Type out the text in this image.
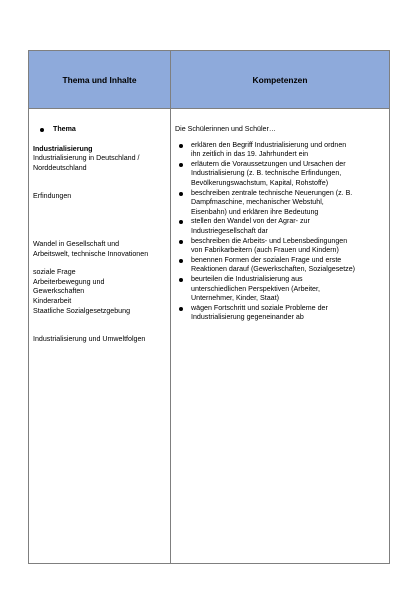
Thema und Inhalte	Kompetenzen
Thema

Industrialisierung

Industrialisierung in Deutschland /

Norddeutschland

Erfindungen

Wandel in Gesellschaft und

Arbeitswelt, technische Innovationen

soziale Frage

Arbeiterbewegung und

Gewerkschaften

Kinderarbeit

Staatliche Sozialgesetzgebung

Industrialisierung und Umweltfolgen

Die Schülerinnen und Schüler…

erklären den Begriff Industrialisierung und ordnen
ihn zeitlich in das 19. Jahrhundert ein
erläutern die Voraussetzungen und Ursachen der
Industrialisierung (z. B. technische Erfindungen,
Bevölkerungswachstum, Kapital, Rohstoffe)
beschreiben zentrale technische Neuerungen (z. B.
Dampfmaschine, mechanischer Webstuhl,
Eisenbahn) und erklären ihre Bedeutung
stellen den Wandel von der Agrar- zur
Industriegesellschaft dar
beschreiben die Arbeits- und Lebensbedingungen
von Fabrikarbeitern (auch Frauen und Kindern)
benennen Formen der sozialen Frage und erste
Reaktionen darauf (Gewerkschaften, Sozialgesetze)
beurteilen die Industrialisierung aus
unterschiedlichen Perspektiven (Arbeiter,
Unternehmer, Kinder, Staat)
wägen Fortschritt und soziale Probleme der
Industrialisierung gegeneinander ab
